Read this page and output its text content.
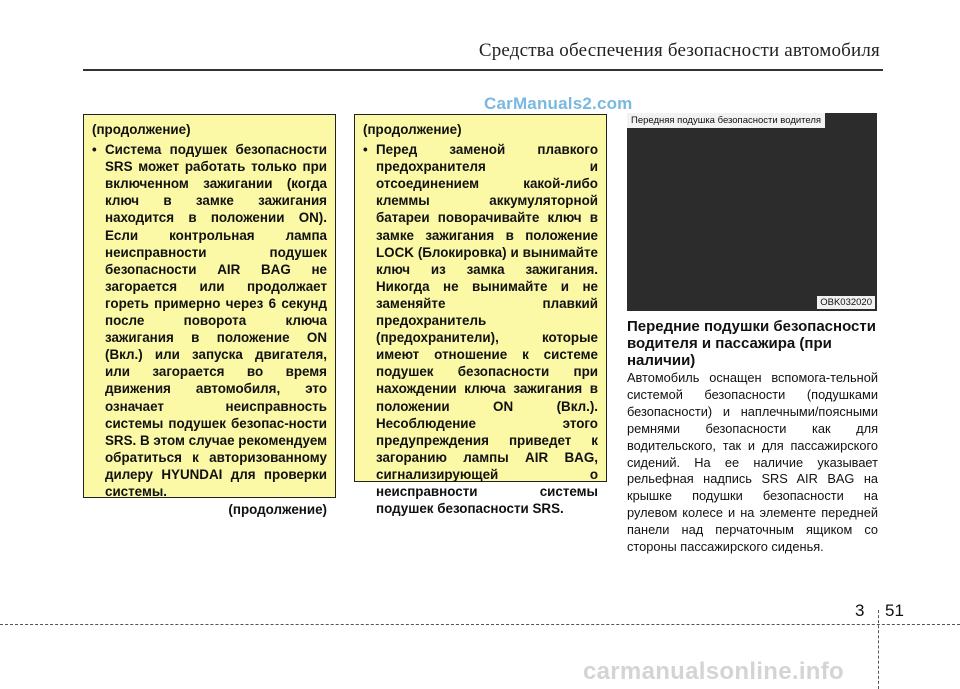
Средства обеспечения безопасности автомобиля
CarManuals2.com
(продолжение)
• Система подушек безопасности SRS может работать только при включенном зажигании (когда ключ в замке зажигания находится в положении ON). Если контрольная лампа неисправности подушек безопасности AIR BAG не загорается или продолжает гореть примерно через 6 секунд после поворота ключа зажигания в положение ON (Вкл.) или запуска двигателя, или загорается во время движения автомобиля, это означает неисправность системы подушек безопас-ности SRS. В этом случае рекомендуем обратиться к авторизованному дилеру HYUNDAI для проверки системы.
(продолжение)
(продолжение)
• Перед заменой плавкого предохранителя и отсоединением какой-либо клеммы аккумуляторной батареи поворачивайте ключ в замке зажигания в положение LOCK (Блокировка) и вынимайте ключ из замка зажигания. Никогда не вынимайте и не заменяйте плавкий предохранитель (предохранители), которые имеют отношение к системе подушек безопасности при нахождении ключа зажигания в положении ON (Вкл.). Несоблюдение этого предупреждения приведет к загоранию лампы AIR BAG, сигнализирующей о неисправности системы подушек безопасности SRS.
Передняя подушка безопасности водителя
OBK032020
Передние подушки безопасности водителя и пассажира (при наличии)

Автомобиль оснащен вспомога-тельной системой безопасности (подушками безопасности) и наплечными/поясными ремнями безопасности как для водительского, так и для пассажирского сидений. На ее наличие указывает рельефная надпись SRS AIR BAG на крышке подушки безопасности на рулевом колесе и на элементе передней панели над перчаточным ящиком со стороны пассажирского сиденья.

3 51
carmanualsonline.info
